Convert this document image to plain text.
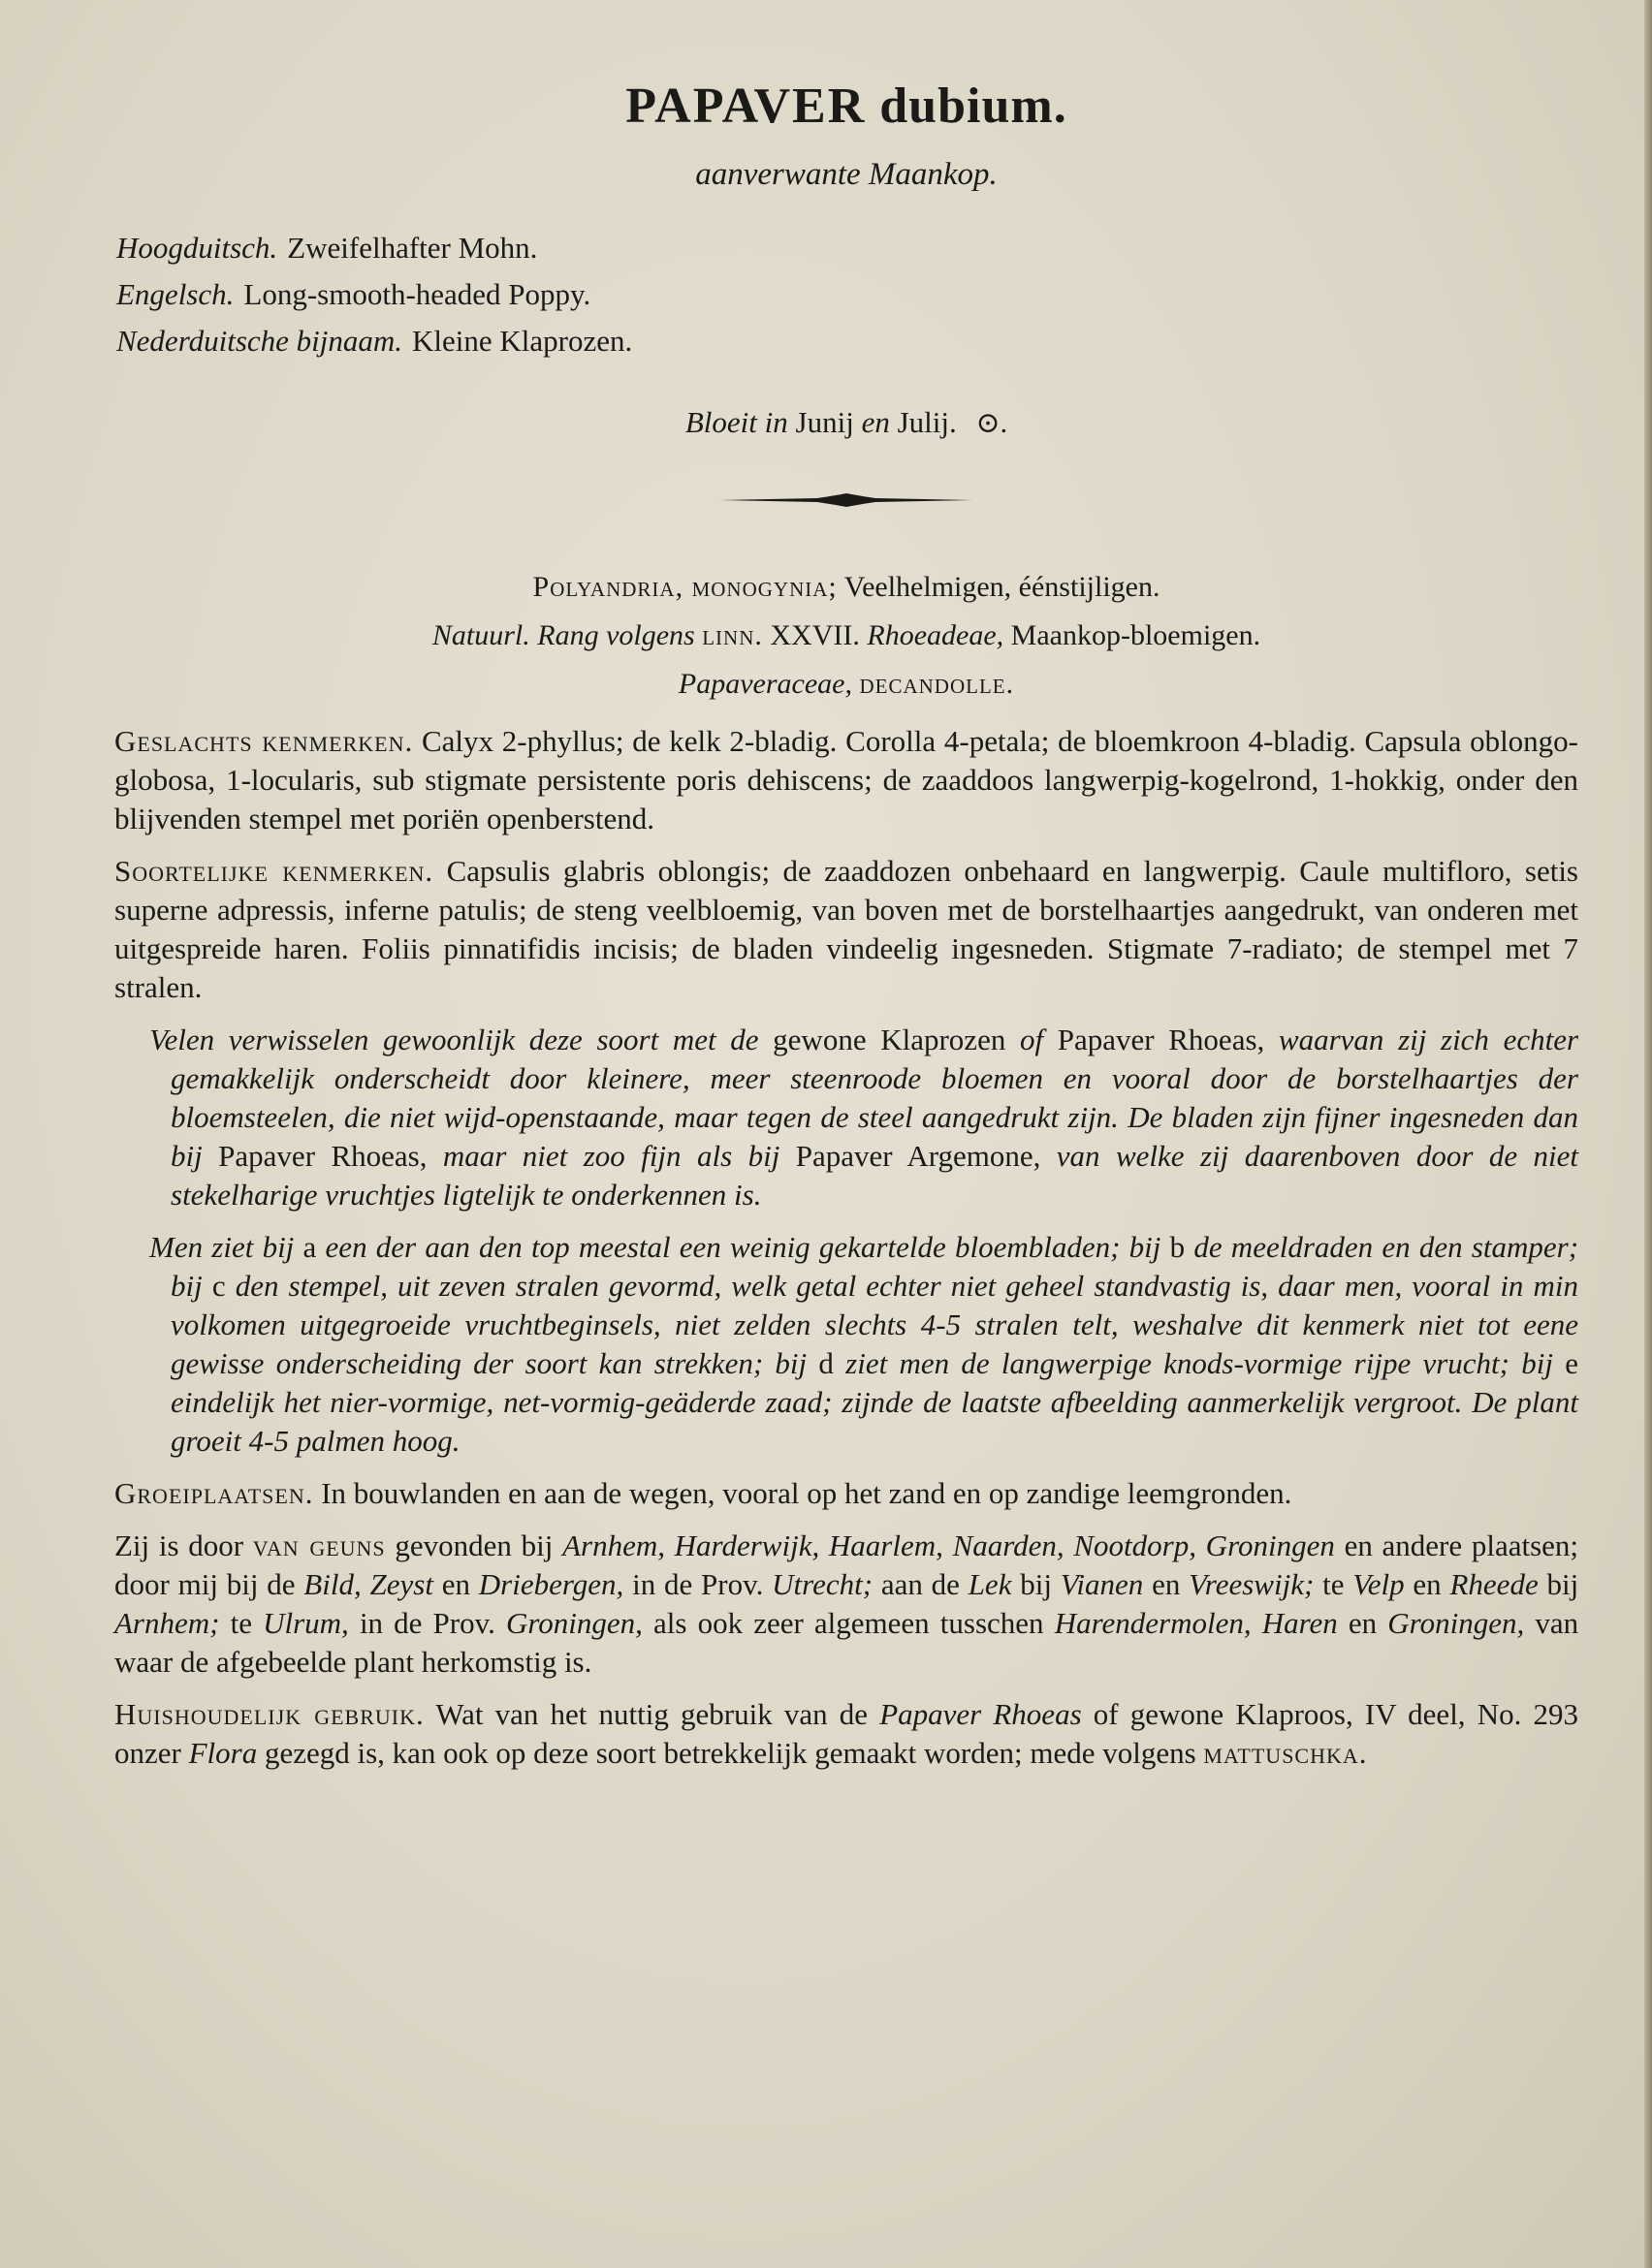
PAPAVER dubium.
aanverwante Maankop.
Hoogduitsch. Zweifelhafter Mohn.
Engelsch. Long-smooth-headed Poppy.
Nederduitsche bijnaam. Kleine Klaprozen.
Bloeit in Junij en Julij. ⊙.
Polyandria, monogynia; Veelhelmigen, éénstijligen.
Natuurl. Rang volgens linn. XXVII. Rhoeadeae, Maankop-bloemigen.
Papaveraceae, decandolle.

Geslachts kenmerken. Calyx 2-phyllus; de kelk 2-bladig. Corolla 4-petala; de bloemkroon 4-bladig. Capsula oblongo-globosa, 1-locularis, sub stigmate persistente poris dehiscens; de zaaddoos langwerpig-kogelrond, 1-hokkig, onder den blijvenden stempel met poriën openberstend.

Soortelijke kenmerken. Capsulis glabris oblongis; de zaaddozen onbehaard en langwerpig. Caule multifloro, setis superne adpressis, inferne patulis; de steng veelbloemig, van boven met de borstelhaartjes aangedrukt, van onderen met uitgespreide haren. Foliis pinnatifidis incisis; de bladen vindeelig ingesneden. Stigmate 7-radiato; de stempel met 7 stralen.

Velen verwisselen gewoonlijk deze soort met de gewone Klaprozen of Papaver Rhoeas, waarvan zij zich echter gemakkelijk onderscheidt door kleinere, meer steenroode bloemen en vooral door de borstelhaartjes der bloemsteelen, die niet wijd-openstaande, maar tegen de steel aangedrukt zijn. De bladen zijn fijner ingesneden dan bij Papaver Rhoeas, maar niet zoo fijn als bij Papaver Argemone, van welke zij daarenboven door de niet stekelharige vruchtjes ligtelijk te onderkennen is.

Men ziet bij a een der aan den top meestal een weinig gekartelde bloembladen; bij b de meeldraden en den stamper; bij c den stempel, uit zeven stralen gevormd, welk getal echter niet geheel standvastig is, daar men, vooral in min volkomen uitgegroeide vruchtbeginsels, niet zelden slechts 4-5 stralen telt, weshalve dit kenmerk niet tot eene gewisse onderscheiding der soort kan strekken; bij d ziet men de langwerpige knods-vormige rijpe vrucht; bij e eindelijk het nier-vormige, net-vormig-geäderde zaad; zijnde de laatste afbeelding aanmerkelijk vergroot. De plant groeit 4-5 palmen hoog.

Groeiplaatsen. In bouwlanden en aan de wegen, vooral op het zand en op zandige leemgronden.

Zij is door van geuns gevonden bij Arnhem, Harderwijk, Haarlem, Naarden, Nootdorp, Groningen en andere plaatsen; door mij bij de Bild, Zeyst en Driebergen, in de Prov. Utrecht; aan de Lek bij Vianen en Vreeswijk; te Velp en Rheede bij Arnhem; te Ulrum, in de Prov. Groningen, als ook zeer algemeen tusschen Harendermolen, Haren en Groningen, van waar de afgebeelde plant herkomstig is.

Huishoudelijk gebruik. Wat van het nuttig gebruik van de Papaver Rhoeas of gewone Klaproos, IV deel, No. 293 onzer Flora gezegd is, kan ook op deze soort betrekkelijk gemaakt worden; mede volgens mattuschka.
